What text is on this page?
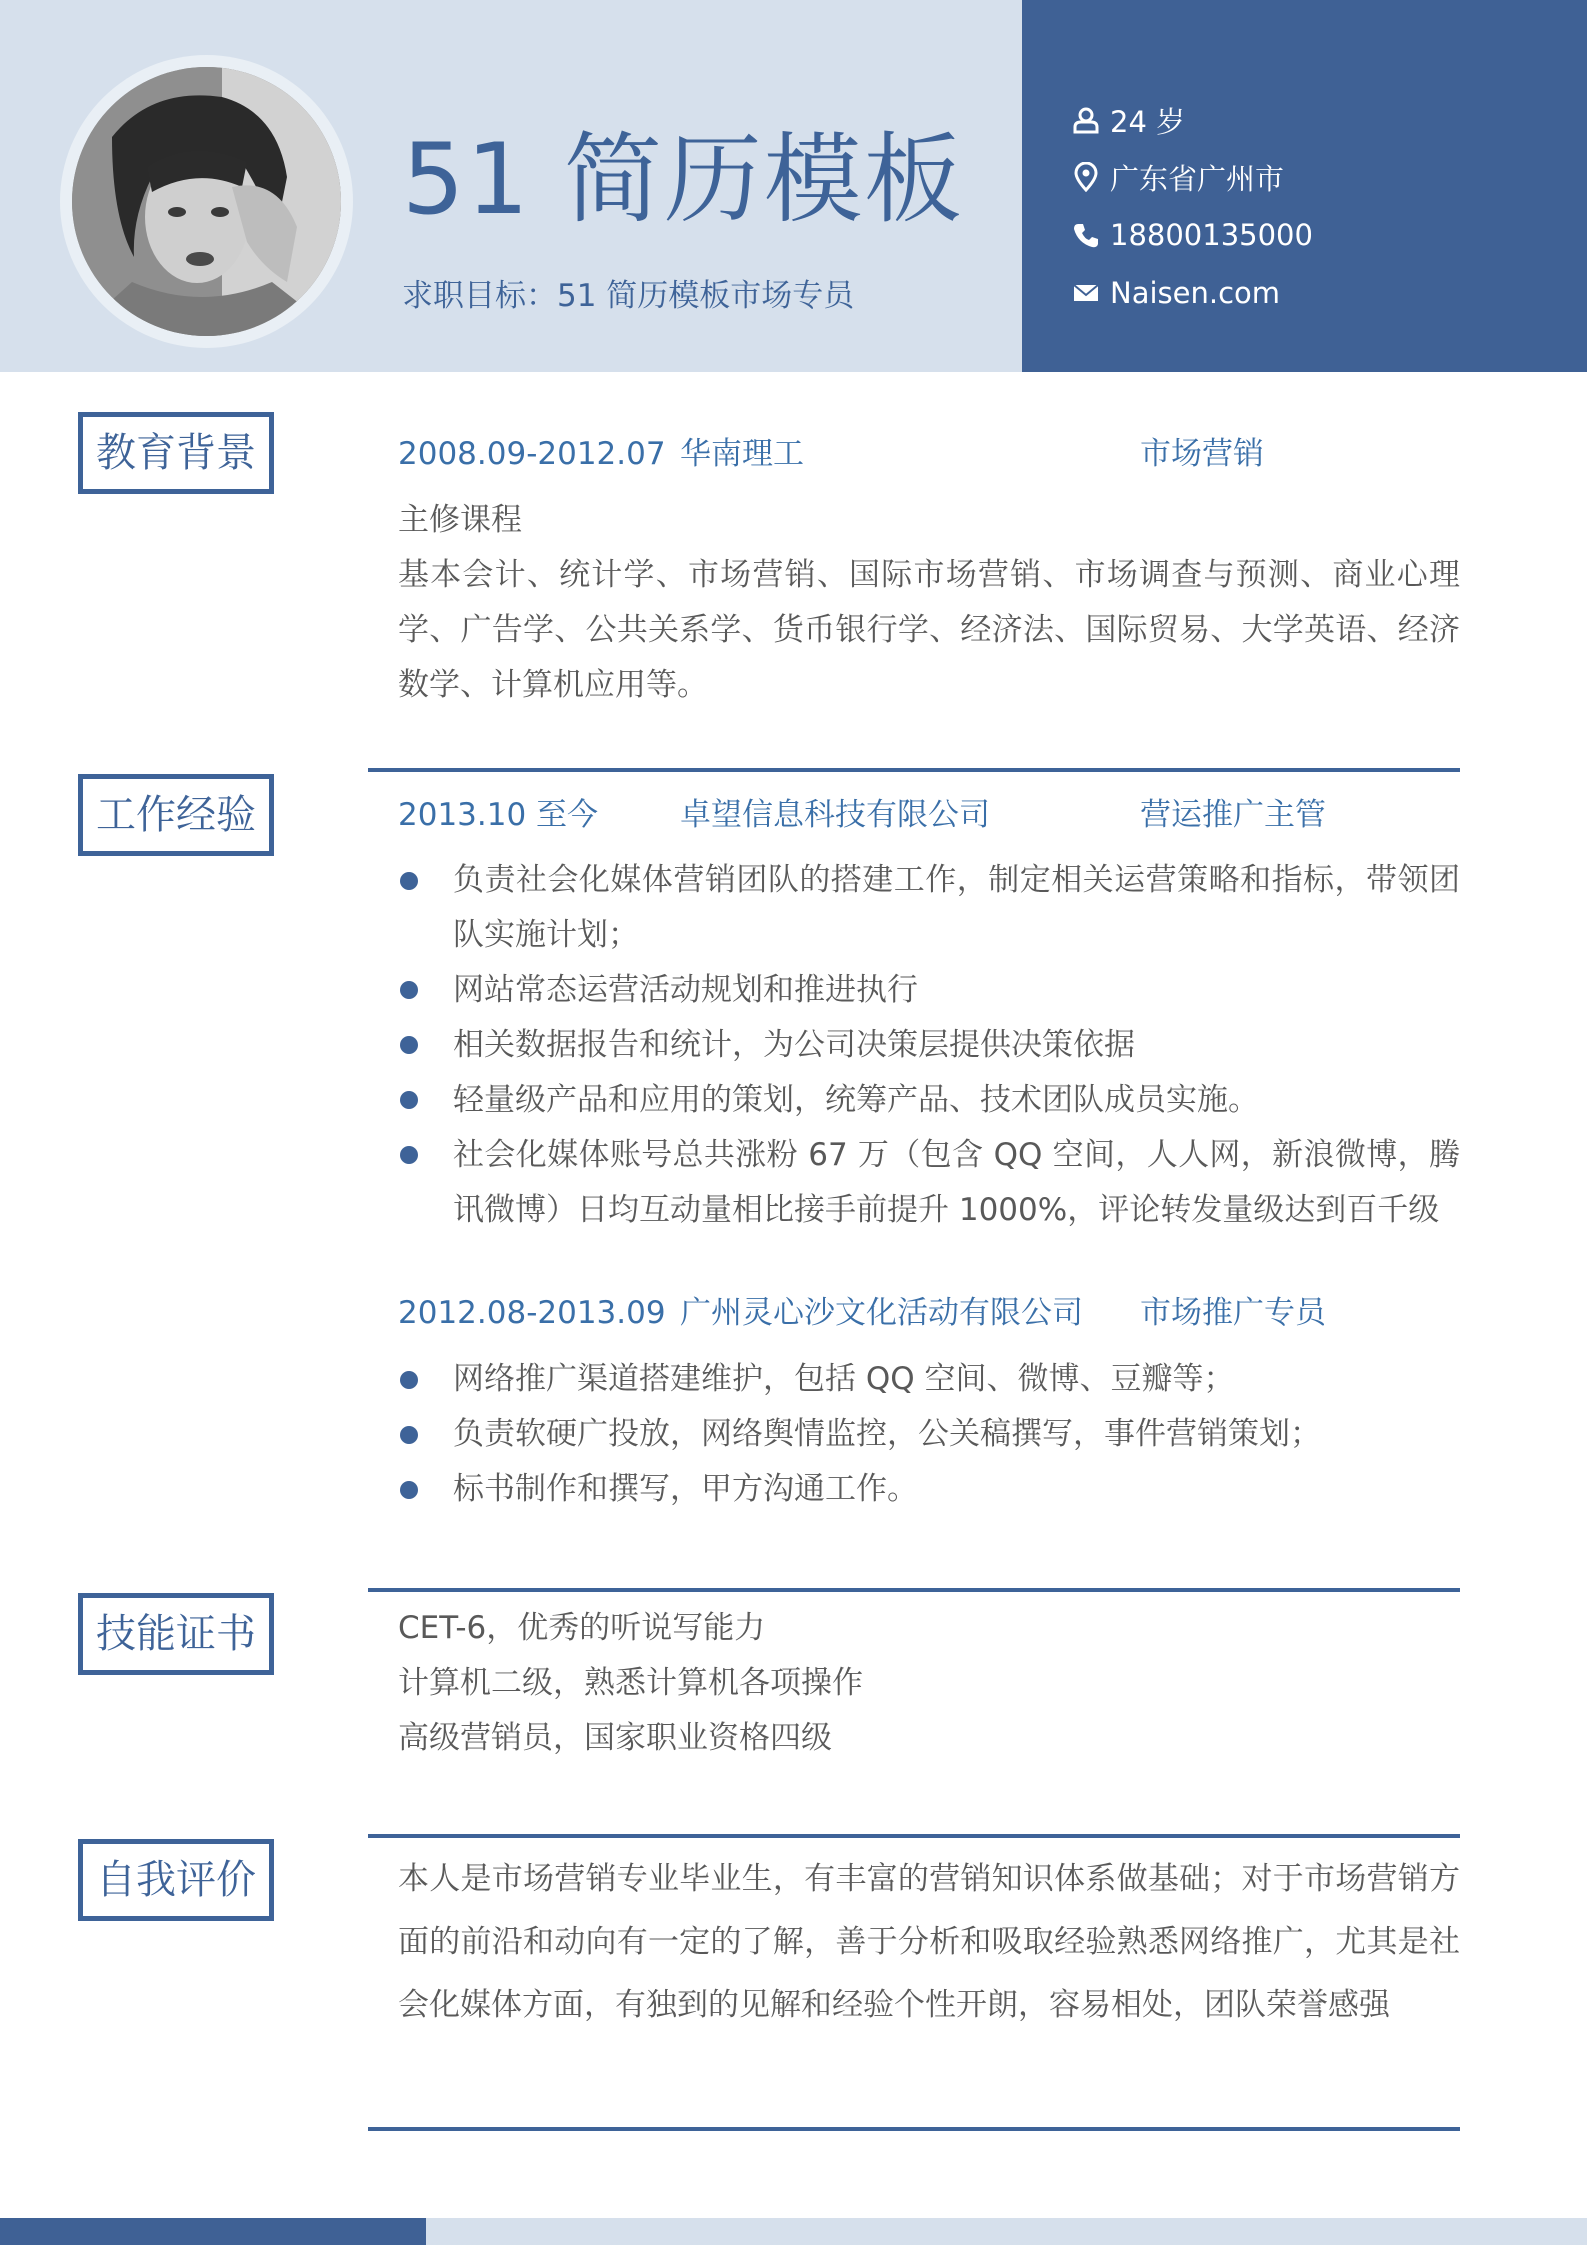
51 简历模板
求职目标：51 简历模板市场专员
24 岁
广东省广州市
18800135000
Naisen.com
教育背景	2008.09-2012.07 华南理工	市场营销
主修课程
基本会计、统计学、市场营销、国际市场营销、市场调查与预测、商业心理学、广告学、公共关系学、货币银行学、经济法、国际贸易、大学英语、经济数学、计算机应用等。
工作经验	2013.10 至今	卓望信息科技有限公司	营运推广主管
负责社会化媒体营销团队的搭建工作，制定相关运营策略和指标，带领团队实施计划；
网站常态运营活动规划和推进执行
相关数据报告和统计，为公司决策层提供决策依据
轻量级产品和应用的策划，统筹产品、技术团队成员实施。
社会化媒体账号总共涨粉 67 万（包含 QQ 空间，人人网，新浪微博，腾讯微博）日均互动量相比接手前提升 1000%，评论转发量级达到百千级
2012.08-2013.09 广州灵心沙文化活动有限公司 市场推广专员
网络推广渠道搭建维护，包括 QQ 空间、微博、豆瓣等；
负责软硬广投放，网络舆情监控，公关稿撰写，事件营销策划；
标书制作和撰写，甲方沟通工作。
技能证书	CET-6，优秀的听说写能力
计算机二级，熟悉计算机各项操作
高级营销员，国家职业资格四级
自我评价	本人是市场营销专业毕业生，有丰富的营销知识体系做基础；对于市场营销方面的前沿和动向有一定的了解，善于分析和吸取经验熟悉网络推广，尤其是社会化媒体方面，有独到的见解和经验个性开朗，容易相处，团队荣誉感强
